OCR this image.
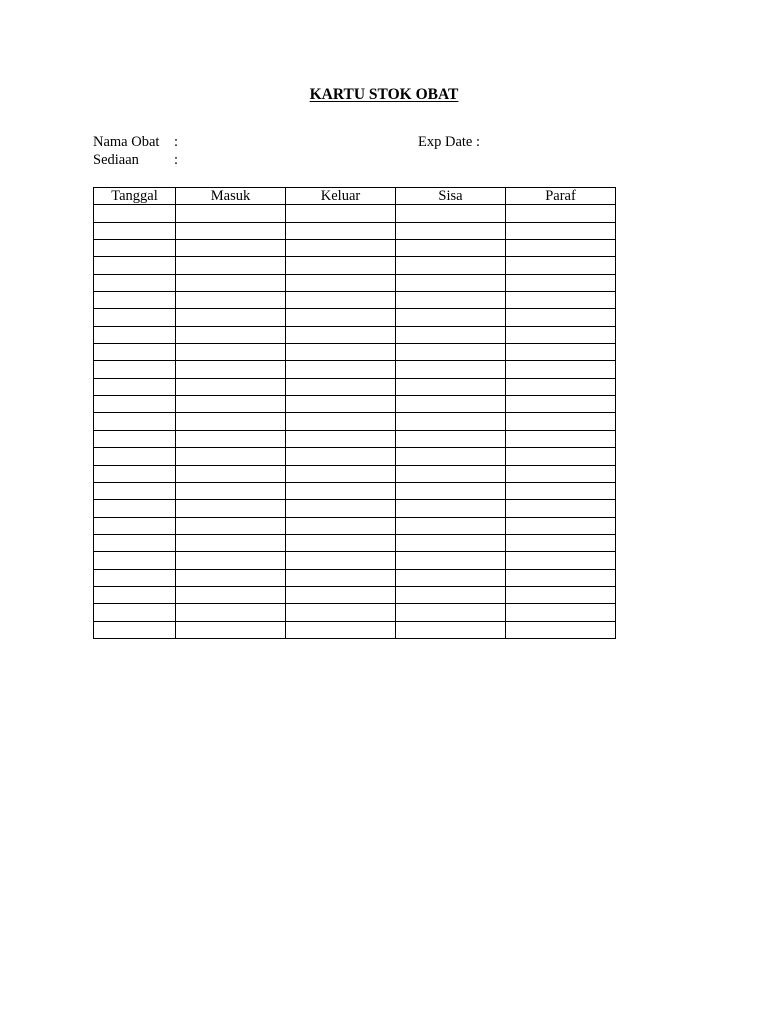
KARTU STOK OBAT
Nama Obat :
Sediaan :
Exp Date :
Tanggal	Masuk	Keluar	Sisa	Paraf
